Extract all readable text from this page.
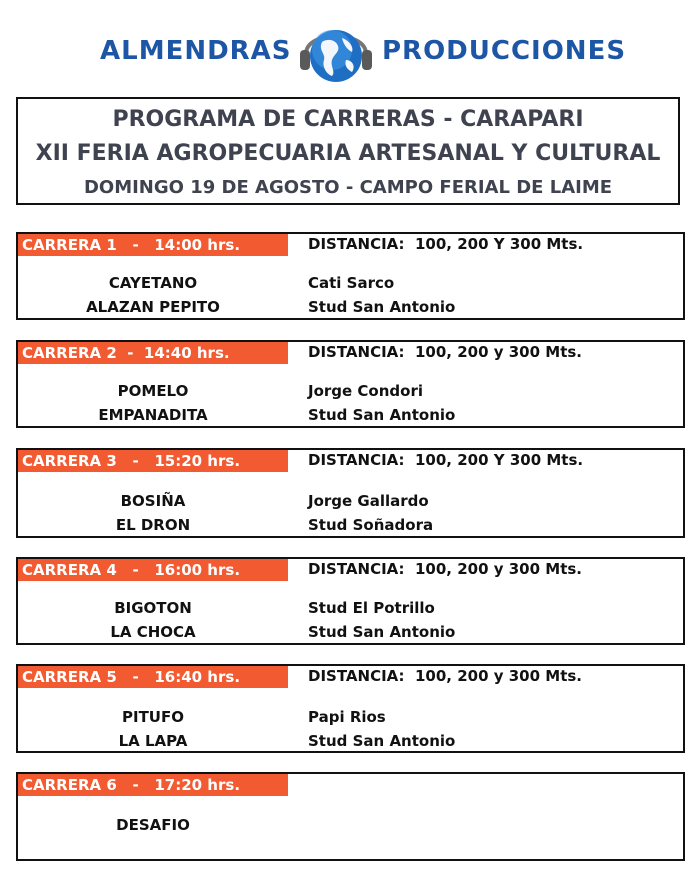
ALMENDRAS	PRODUCCIONES
PROGRAMA DE CARRERAS - CARAPARI
XII FERIA AGROPECUARIA ARTESANAL Y CULTURAL
DOMINGO 19 DE AGOSTO - CAMPO FERIAL DE LAIME
CARRERA 1   -   14:00 hrs.	DISTANCIA:  100, 200 Y 300 Mts.
CAYETANO	Cati Sarco
ALAZAN PEPITO	Stud San Antonio
CARRERA 2  -  14:40 hrs.	DISTANCIA:  100, 200 y 300 Mts.
POMELO	Jorge Condori
EMPANADITA	Stud San Antonio
CARRERA 3   -   15:20 hrs.	DISTANCIA:  100, 200 Y 300 Mts.
BOSIÑA	Jorge Gallardo
EL DRON	Stud Soñadora
CARRERA 4   -   16:00 hrs.	DISTANCIA:  100, 200 y 300 Mts.
BIGOTON	Stud El Potrillo
LA CHOCA	Stud San Antonio
CARRERA 5   -   16:40 hrs.	DISTANCIA:  100, 200 y 300 Mts.
PITUFO	Papi Rios
LA LAPA	Stud San Antonio
CARRERA 6   -   17:20 hrs.
DESAFIO
